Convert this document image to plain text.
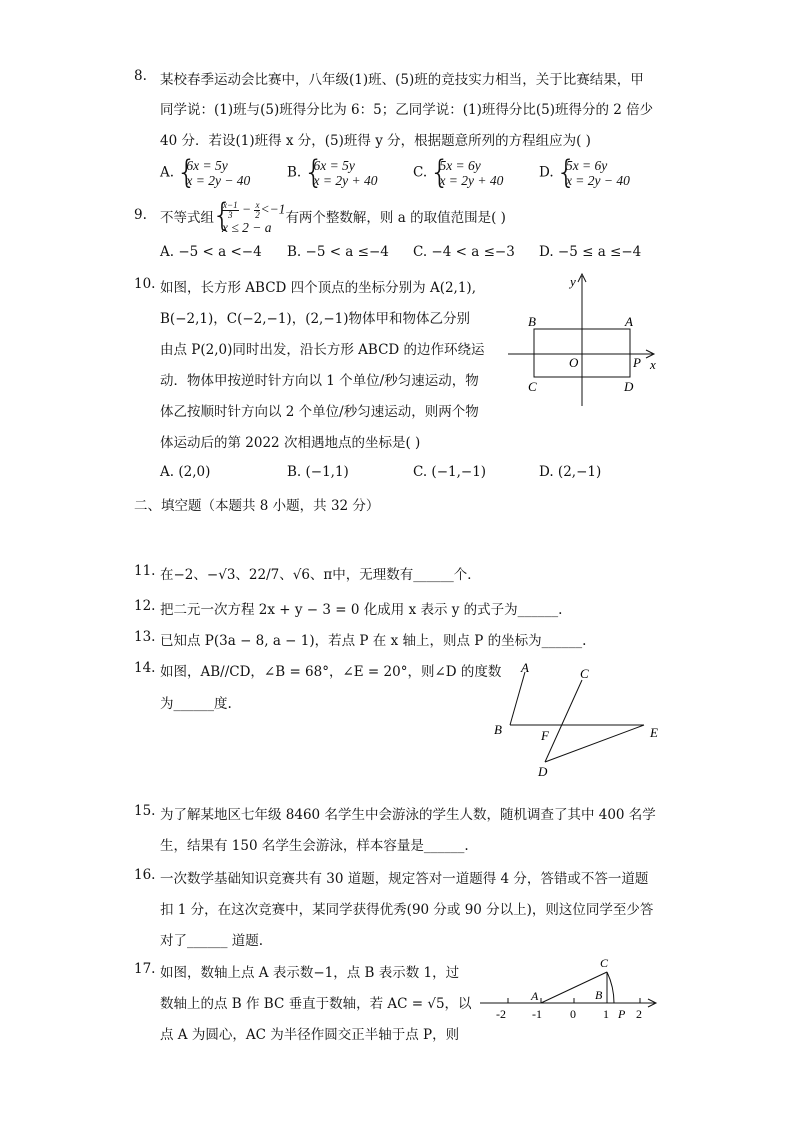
8. 某校春季运动会比赛中，八年级(1)班、(5)班的竞技实力相当，关于比赛结果，甲
同学说：(1)班与(5)班得分比为 6：5；乙同学说：(1)班得分比(5)班得分的 2 倍少
40 分．若设(1)班得 x 分，(5)班得 y 分，根据题意所列的方程组应为( )
A. { 6x = 5y
x = 2y − 40	B. { 6x = 5y
x = 2y + 40	C. { 5x = 6y
x = 2y + 40	D. { 5x = 6y
x = 2y − 40
9. 不等式组 { $\frac{x-1}{3} - \frac{x}{2} <-1$
x ≤ 2 − a有两个整数解，则 a 的取值范围是( )
A. −5 < a <−4 B. −5 < a ≤−4 C. −4 < a ≤−3 D. −5 ≤ a ≤−4
10. 如图，长方形 ABCD 四个顶点的坐标分别为 A(2,1),
B(−2,1)，C(−2,−1)，(2,−1)物体甲和物体乙分别
由点 P(2,0)同时出发，沿长方形 ABCD 的边作环绕运
动．物体甲按逆时针方向以 1 个单位/秒匀速运动，物
体乙按顺时针方向以 2 个单位/秒匀速运动，则两个物
体运动后的第 2022 次相遇地点的坐标是( )
y
x
B	A
C	D
O	P
A. (2,0)	B. (−1,1)	C. (−1,−1)	D. (2,−1)
二、填空题（本题共 8 小题，共 32 分）
11. 在−2、−√3、22/7、√6、π中，无理数有______个．
12. 把二元一次方程 2x + y − 3 = 0 化成用 x 表示 y 的式子为______.
13. 已知点 P(3a − 8, a − 1)，若点 P 在 x 轴上，则点 P 的坐标为______.
14. 如图，AB//CD，∠B = 68°，∠E = 20°，则∠D 的度数
为______度.
A	C
B	F	E
D
15. 为了解某地区七年级 8460 名学生中会游泳的学生人数，随机调查了其中 400 名学
生，结果有 150 名学生会游泳，样本容量是______.
16. 一次数学基础知识竞赛共有 30 道题，规定答对一道题得 4 分，答错或不答一道题
扣 1 分，在这次竞赛中，某同学获得优秀(90 分或 90 分以上)，则这位同学至少答
对了______ 道题.
17. 如图，数轴上点 A 表示数−1，点 B 表示数 1，过
数轴上的点 B 作 BC 垂直于数轴，若 AC = √5，以
点 A 为圆心，AC 为半径作圆交正半轴于点 P，则
C
A	B
-2 -1 0 1 P 2
